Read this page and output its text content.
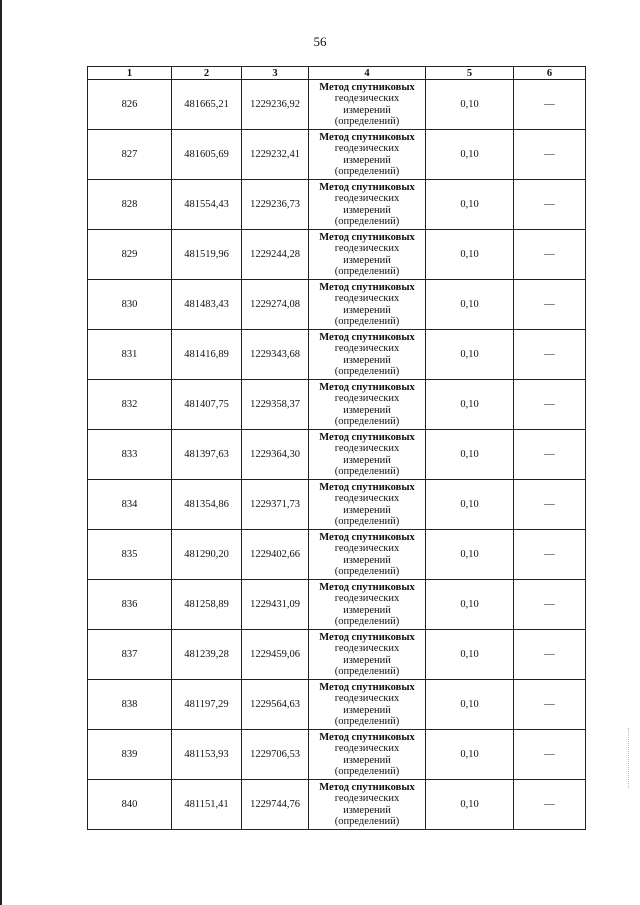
56
1	2	3	4	5	6
826	481665,21	1229236,92	Метод спутниковых
геодезических
измерений
(определений)	0,10	—
827	481605,69	1229232,41	Метод спутниковых
геодезических
измерений
(определений)	0,10	—
828	481554,43	1229236,73	Метод спутниковых
геодезических
измерений
(определений)	0,10	—
829	481519,96	1229244,28	Метод спутниковых
геодезических
измерений
(определений)	0,10	—
830	481483,43	1229274,08	Метод спутниковых
геодезических
измерений
(определений)	0,10	—
831	481416,89	1229343,68	Метод спутниковых
геодезических
измерений
(определений)	0,10	—
832	481407,75	1229358,37	Метод спутниковых
геодезических
измерений
(определений)	0,10	—
833	481397,63	1229364,30	Метод спутниковых
геодезических
измерений
(определений)	0,10	—
834	481354,86	1229371,73	Метод спутниковых
геодезических
измерений
(определений)	0,10	—
835	481290,20	1229402,66	Метод спутниковых
геодезических
измерений
(определений)	0,10	—
836	481258,89	1229431,09	Метод спутниковых
геодезических
измерений
(определений)	0,10	—
837	481239,28	1229459,06	Метод спутниковых
геодезических
измерений
(определений)	0,10	—
838	481197,29	1229564,63	Метод спутниковых
геодезических
измерений
(определений)	0,10	—
839	481153,93	1229706,53	Метод спутниковых
геодезических
измерений
(определений)	0,10	—
840	481151,41	1229744,76	Метод спутниковых
геодезических
измерений
(определений)	0,10	—
